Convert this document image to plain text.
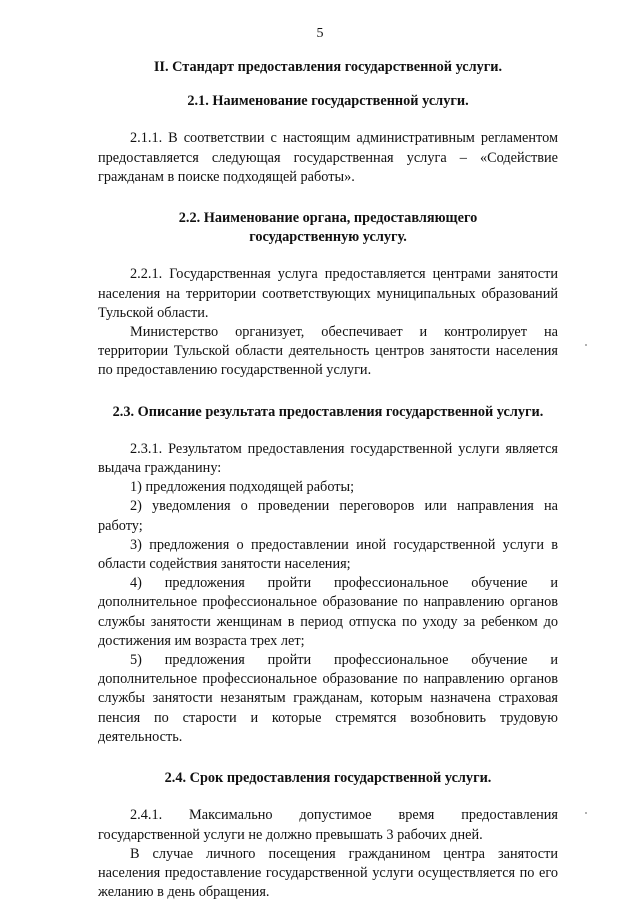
5

II. Стандарт предоставления государственной услуги.

2.1. Наименование государственной услуги.

2.1.1. В соответствии с настоящим административным регламентом предоставляется следующая государственная услуга – «Содействие гражданам в поиске подходящей работы».

2.2. Наименование органа, предоставляющего
государственную услугу.

2.2.1. Государственная услуга предоставляется центрами занятости населения на территории соответствующих муниципальных образований Тульской области.

Министерство организует, обеспечивает и контролирует на территории Тульской области деятельность центров занятости населения по предоставлению государственной услуги.

2.3. Описание результата предоставления государственной услуги.

2.3.1. Результатом предоставления государственной услуги является выдача гражданину:

1) предложения подходящей работы;

2) уведомления о проведении переговоров или направления на работу;

3) предложения о предоставлении иной государственной услуги в области содействия занятости населения;

4) предложения пройти профессиональное обучение и дополнительное профессиональное образование по направлению органов службы занятости женщинам в период отпуска по уходу за ребенком до достижения им возраста трех лет;

5) предложения пройти профессиональное обучение и дополнительное профессиональное образование по направлению органов службы занятости незанятым гражданам, которым назначена страховая пенсия по старости и которые стремятся возобновить трудовую деятельность.

2.4. Срок предоставления государственной услуги.

2.4.1. Максимально допустимое время предоставления государственной услуги не должно превышать 3 рабочих дней.

В случае личного посещения гражданином центра занятости населения предоставление государственной услуги осуществляется по его желанию в день обращения.
